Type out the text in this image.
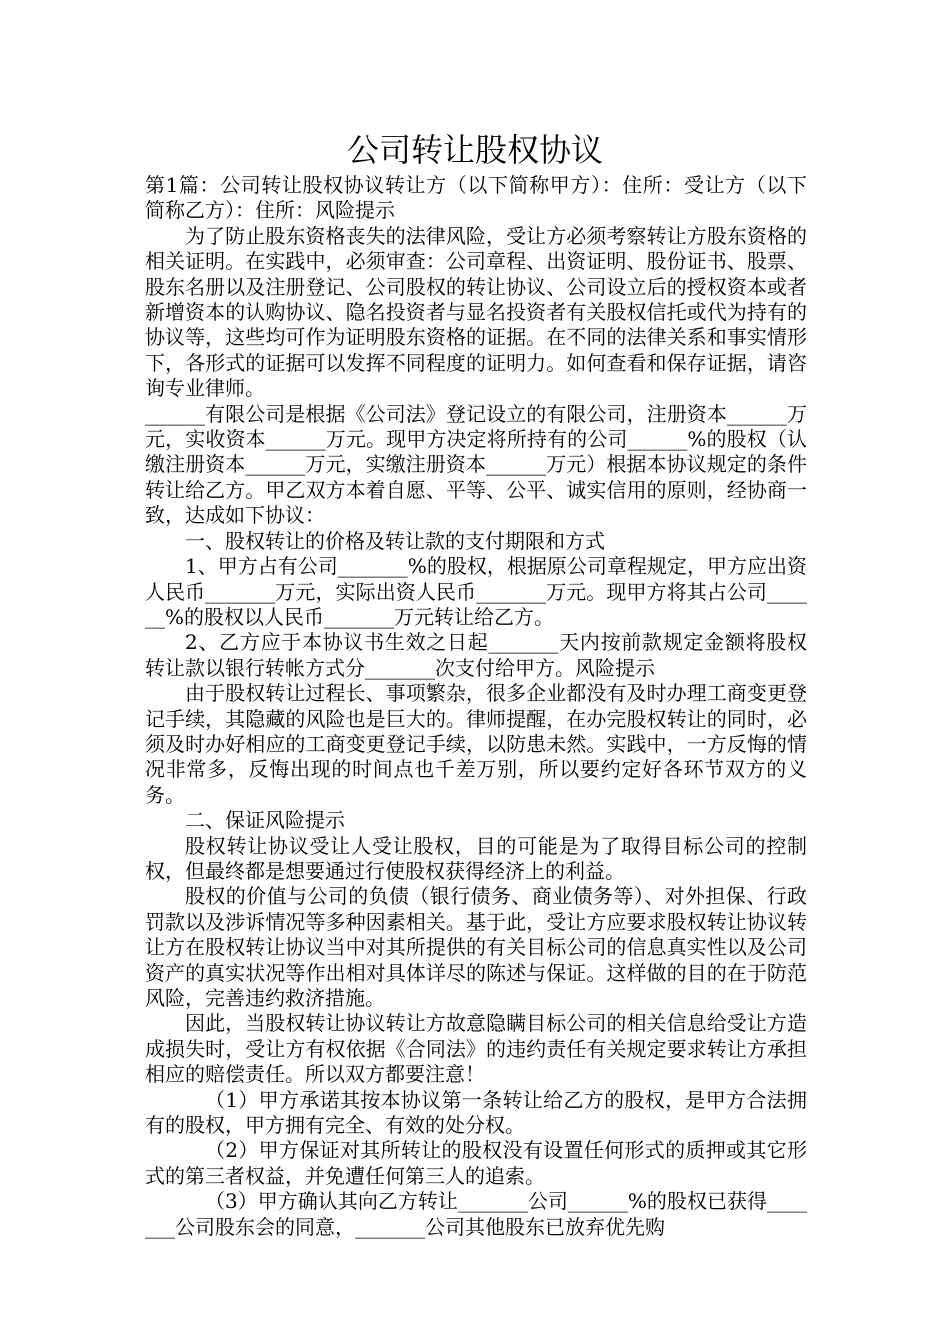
公司转让股权协议

第1篇：公司转让股权协议转让方（以下简称甲方）：住所：受让方（以下简称乙方）：住所：风险提示

为了防止股东资格丧失的法律风险，受让方必须考察转让方股东资格的相关证明。在实践中，必须审查：公司章程、出资证明、股份证书、股票、股东名册以及注册登记、公司股权的转让协议、公司设立后的授权资本或者新增资本的认购协议、隐名投资者与显名投资者有关股权信托或代为持有的协议等，这些均可作为证明股东资格的证据。在不同的法律关系和事实情形下，各形式的证据可以发挥不同程度的证明力。如何查看和保存证据，请咨询专业律师。

______有限公司是根据《公司法》登记设立的有限公司，注册资本______万元，实收资本______万元。现甲方决定将所持有的公司______%的股权（认缴注册资本______万元，实缴注册资本______万元）根据本协议规定的条件转让给乙方。甲乙双方本着自愿、平等、公平、诚实信用的原则，经协商一致，达成如下协议：

一、股权转让的价格及转让款的支付期限和方式

1、甲方占有公司_______%的股权，根据原公司章程规定，甲方应出资人民币_______万元，实际出资人民币_______万元。现甲方将其占公司______%的股权以人民币_______万元转让给乙方。

2、乙方应于本协议书生效之日起_______天内按前款规定金额将股权转让款以银行转帐方式分_______次支付给甲方。风险提示

由于股权转让过程长、事项繁杂，很多企业都没有及时办理工商变更登记手续，其隐藏的风险也是巨大的。律师提醒，在办完股权转让的同时，必须及时办好相应的工商变更登记手续，以防患未然。实践中，一方反悔的情况非常多，反悔出现的时间点也千差万别，所以要约定好各环节双方的义务。

二、保证风险提示

股权转让协议受让人受让股权，目的可能是为了取得目标公司的控制权，但最终都是想要通过行使股权获得经济上的利益。

股权的价值与公司的负债（银行债务、商业债务等）、对外担保、行政罚款以及涉诉情况等多种因素相关。基于此，受让方应要求股权转让协议转让方在股权转让协议当中对其所提供的有关目标公司的信息真实性以及公司资产的真实状况等作出相对具体详尽的陈述与保证。这样做的目的在于防范风险，完善违约救济措施。

因此，当股权转让协议转让方故意隐瞒目标公司的相关信息给受让方造成损失时，受让方有权依据《合同法》的违约责任有关规定要求转让方承担相应的赔偿责任。所以双方都要注意！

（1）甲方承诺其按本协议第一条转让给乙方的股权，是甲方合法拥有的股权，甲方拥有完全、有效的处分权。

（2）甲方保证对其所转让的股权没有设置任何形式的质押或其它形式的第三者权益，并免遭任何第三人的追索。

（3）甲方确认其向乙方转让_______公司______%的股权已获得_______公司股东会的同意，_______公司其他股东已放弃优先购
